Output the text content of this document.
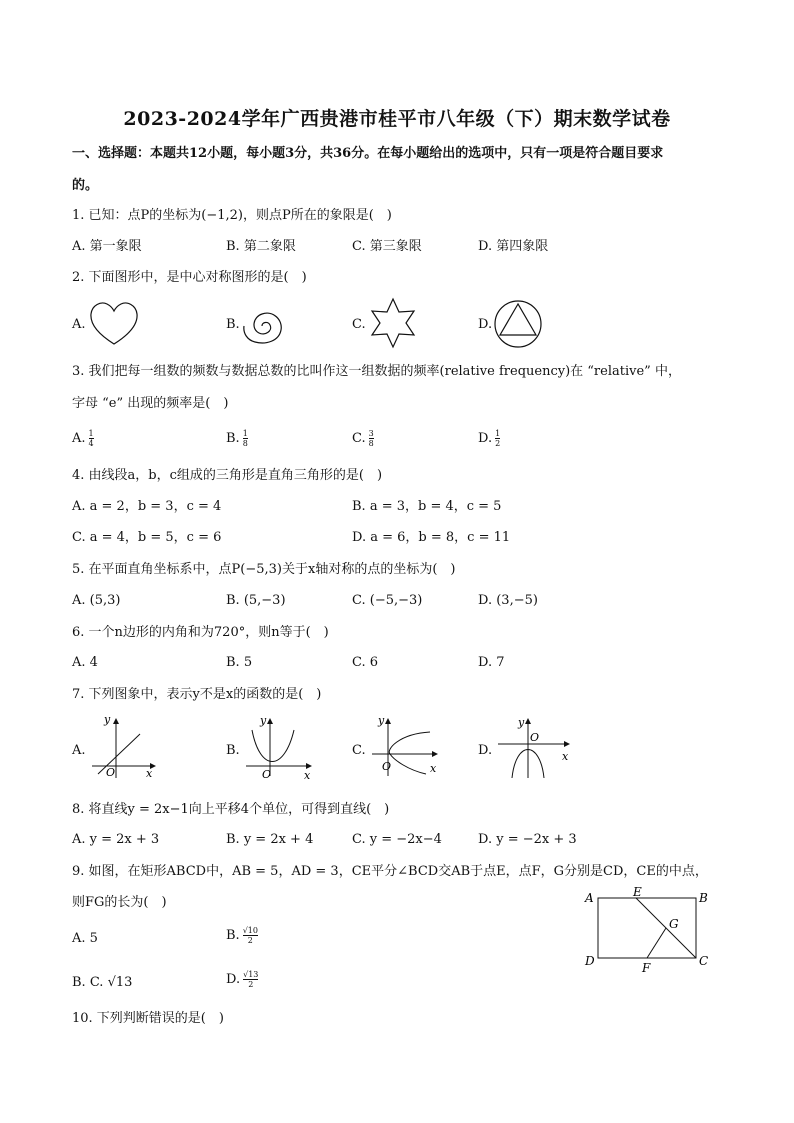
2023-2024学年广西贵港市桂平市八年级（下）期末数学试卷
一、选择题：本题共12小题，每小题3分，共36分。在每小题给出的选项中，只有一项是符合题目要求
的。
1. 已知：点P的坐标为(−1,2)，则点P所在的象限是(　)
A. 第一象限	B. 第二象限	C. 第三象限	D. 第四象限
2. 下面图形中，是中心对称图形的是(　)
A.	B.	C.	D.
3. 我们把每一组数的频数与数据总数的比叫作这一组数据的频率(relative frequency)在 “relative” 中，
字母 “e” 出现的频率是(　)
A. $\frac{1}{4}$	B. $\frac{1}{8}$	C. $\frac{3}{8}$	D. $\frac{1}{2}$
4. 由线段a，b，c组成的三角形是直角三角形的是(　)
A. a = 2，b = 3，c = 4	B. a = 3，b = 4，c = 5
C. a = 4，b = 5，c = 6	D. a = 6，b = 8，c = 11
5. 在平面直角坐标系中，点P(−5,3)关于x轴对称的点的坐标为(　)
A. (5,3)	B. (5,−3)	C. (−5,−3)	D. (3,−5)
6. 一个n边形的内角和为720°，则n等于(　)
A. 4	B. 5	C. 6	D. 7
7. 下列图象中，表示y不是x的函数的是(　)
A.
y
O	x
B.
y
O	x
C.
y
O	x
D.
y
O
x
8. 将直线y = 2x−1向上平移4个单位，可得到直线(　)
A. y = 2x + 3	B. y = 2x + 4	C. y = −2x−4	D. y = −2x + 3
9. 如图，在矩形ABCD中，AB = 5，AD = 3，CE平分∠BCD交AB于点E，点F，G分别是CD，CE的中点，
则FG的长为(　)
A. 5	B. $\frac{√10}{2}$
B. C. √13	D. $\frac{√13}{2}$
A	B
C
D
E
F
G
10. 下列判断错误的是(　)
